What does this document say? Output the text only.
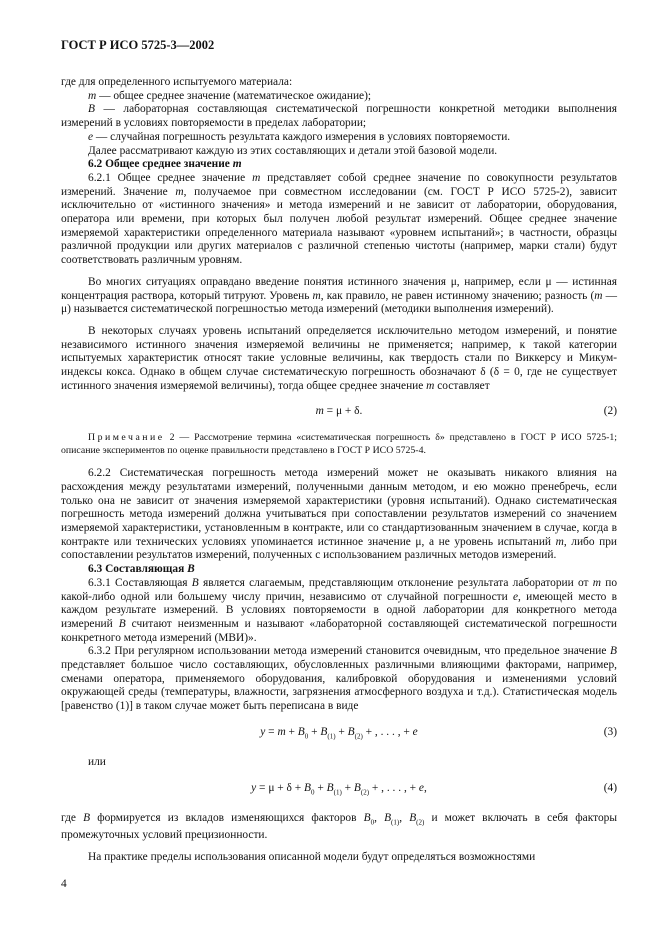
ГОСТ Р ИСО 5725-3—2002
где для определенного испытуемого материала:
m — общее среднее значение (математическое ожидание);
B — лабораторная составляющая систематической погрешности конкретной методики выполнения измерений в условиях повторяемости в пределах лаборатории;
e — случайная погрешность результата каждого измерения в условиях повторяемости.
Далее рассматривают каждую из этих составляющих и детали этой базовой модели.
6.2 Общее среднее значение m
6.2.1 Общее среднее значение m представляет собой среднее значение по совокупности результатов измерений. Значение m, получаемое при совместном исследовании (см. ГОСТ Р ИСО 5725-2), зависит исключительно от «истинного значения» и метода измерений и не зависит от лаборатории, оборудования, оператора или времени, при которых был получен любой результат измерений. Общее среднее значение измеряемой характеристики определенного материала называют «уровнем испытаний»; в частности, образцы различной продукции или других материалов с различной степенью чистоты (например, марки стали) будут соответствовать различным уровням.
Во многих ситуациях оправдано введение понятия истинного значения μ, например, если μ — истинная концентрация раствора, который титруют. Уровень m, как правило, не равен истинному значению; разность (m — μ) называется систематической погрешностью метода измерений (методики выполнения измерений).
В некоторых случаях уровень испытаний определяется исключительно методом измерений, и понятие независимого истинного значения измеряемой величины не применяется; например, к такой категории испытуемых характеристик относят такие условные величины, как твердость стали по Виккерсу и Микум-индексы кокса. Однако в общем случае систематическую погрешность обозначают δ (δ = 0, где не существует истинного значения измеряемой величины), тогда общее среднее значение m составляет
m = μ + δ.	(2)
Примечание 2 — Рассмотрение термина «систематическая погрешность δ» представлено в ГОСТ Р ИСО 5725-1; описание экспериментов по оценке правильности представлено в ГОСТ Р ИСО 5725-4.
6.2.2 Систематическая погрешность метода измерений может не оказывать никакого влияния на расхождения между результатами измерений, полученными данным методом, и ею можно пренебречь, если только она не зависит от значения измеряемой характеристики (уровня испытаний). Однако систематическая погрешность метода измерений должна учитываться при сопоставлении результатов измерений со значением измеряемой характеристики, установленным в контракте, или со стандартизованным значением в случае, когда в контракте или технических условиях упоминается истинное значение μ, а не уровень испытаний m, либо при сопоставлении результатов измерений, полученных с использованием различных методов измерений.
6.3 Составляющая B
6.3.1 Составляющая B является слагаемым, представляющим отклонение результата лаборатории от m по какой-либо одной или большему числу причин, независимо от случайной погрешности e, имеющей место в каждом результате измерений. В условиях повторяемости в одной лаборатории для конкретного метода измерений B считают неизменным и называют «лабораторной составляющей систематической погрешности конкретного метода измерений (МВИ)».
6.3.2 При регулярном использовании метода измерений становится очевидным, что предельное значение B представляет большое число составляющих, обусловленных различными влияющими факторами, например, сменами оператора, применяемого оборудования, калибровкой оборудования и изменениями условий окружающей среды (температуры, влажности, загрязнения атмосферного воздуха и т.д.). Статистическая модель [равенство (1)] в таком случае может быть переписана в виде
$y = m + B_0 + B_{(1)} + B_{(2)}$ + , . . . , + e	(3)
или
$y = \mu + \delta + B_0 + B_{(1)} + B_{(2)}$ + , . . . , + e,	(4)
где B формируется из вкладов изменяющихся факторов $B_0$, $B_{(1)}$, $B_{(2)}$ и может включать в себя факторы промежуточных условий прецизионности.
На практике пределы использования описанной модели будут определяться возможностями
4
